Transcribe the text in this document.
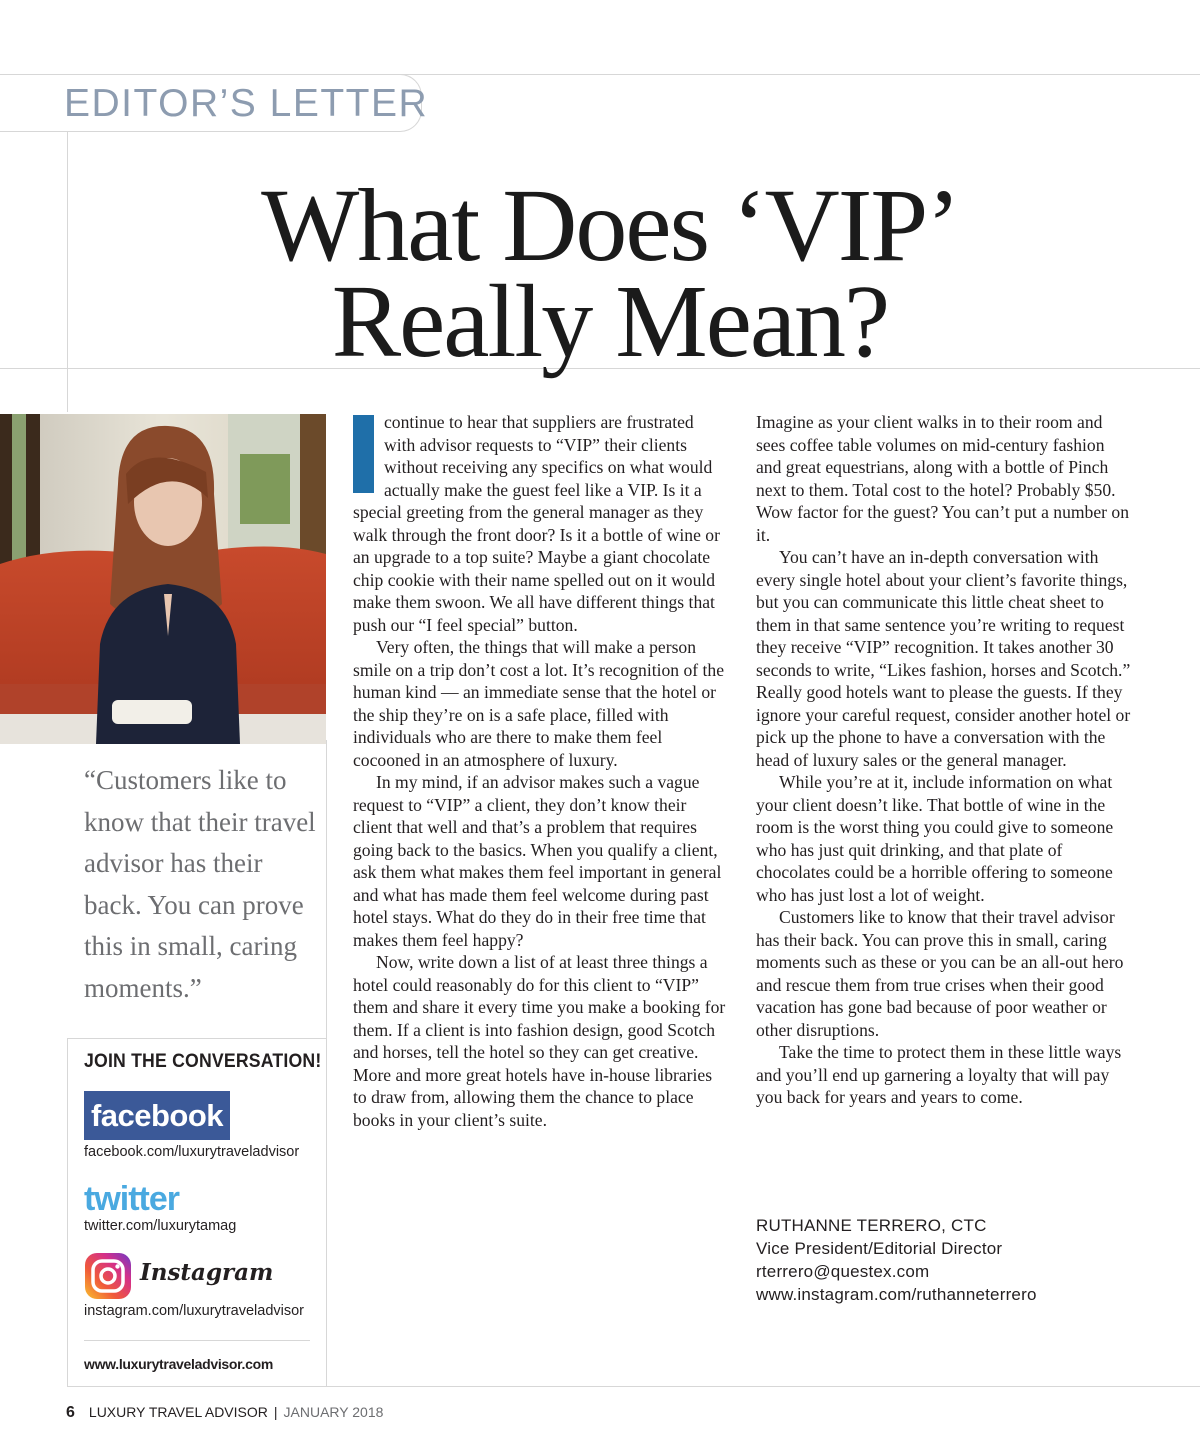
EDITOR’S LETTER
What Does ‘VIP’
Really Mean?
“Customers like to know that their travel advisor has their back. You can prove this in small, caring moments.”
JOIN THE CONVERSATION!
facebook
facebook.com/luxurytraveladvisor
twitter
twitter.com/luxurytamag
Instagram
instagram.com/luxurytraveladvisor
www.luxurytraveladvisor.com

continue to hear that suppliers are frustrated with advisor requests to “VIP” their clients without receiving any specifics on what would actually make the guest feel like a VIP. Is it a special greeting from the general manager as they walk through the front door? Is it a bottle of wine or an upgrade to a top suite? Maybe a giant chocolate chip cookie with their name spelled out on it would make them swoon. We all have different things that push our “I feel special” button.

Very often, the things that will make a person smile on a trip don’t cost a lot. It’s recognition of the human kind — an immediate sense that the hotel or the ship they’re on is a safe place, filled with individuals who are there to make them feel cocooned in an atmosphere of luxury.

In my mind, if an advisor makes such a vague request to “VIP” a client, they don’t know their client that well and that’s a problem that requires going back to the basics. When you qualify a client, ask them what makes them feel important in general and what has made them feel welcome during past hotel stays. What do they do in their free time that makes them feel happy?

Now, write down a list of at least three things a hotel could reasonably do for this client to “VIP” them and share it every time you make a booking for them. If a client is into fashion design, good Scotch and horses, tell the hotel so they can get creative. More and more great hotels have in-house libraries to draw from, allowing them the chance to place books in your client’s suite.

Imagine as your client walks in to their room and sees coffee table volumes on mid-century fashion and great equestrians, along with a bottle of Pinch next to them. Total cost to the hotel? Probably $50. Wow factor for the guest? You can’t put a number on it.

You can’t have an in-depth conversation with every single hotel about your client’s favorite things, but you can communicate this little cheat sheet to them in that same sentence you’re writing to request they receive “VIP” recognition. It takes another 30 seconds to write, “Likes fashion, horses and Scotch.” Really good hotels want to please the guests. If they ignore your careful request, consider another hotel or pick up the phone to have a conversation with the head of luxury sales or the general manager.

While you’re at it, include information on what your client doesn’t like. That bottle of wine in the room is the worst thing you could give to someone who has just quit drinking, and that plate of chocolates could be a horrible offering to someone who has just lost a lot of weight.

Customers like to know that their travel advisor has their back. You can prove this in small, caring moments such as these or you can be an all-out hero and rescue them from true crises when their good vacation has gone bad because of poor weather or other disruptions.

Take the time to protect them in these little ways and you’ll end up garnering a loyalty that will pay you back for years and years to come.

RUTHANNE TERRERO, CTC
Vice President/Editorial Director
rterrero@questex.com
www.instagram.com/ruthanneterrero
6 LUXURY TRAVEL ADVISOR | JANUARY 2018
